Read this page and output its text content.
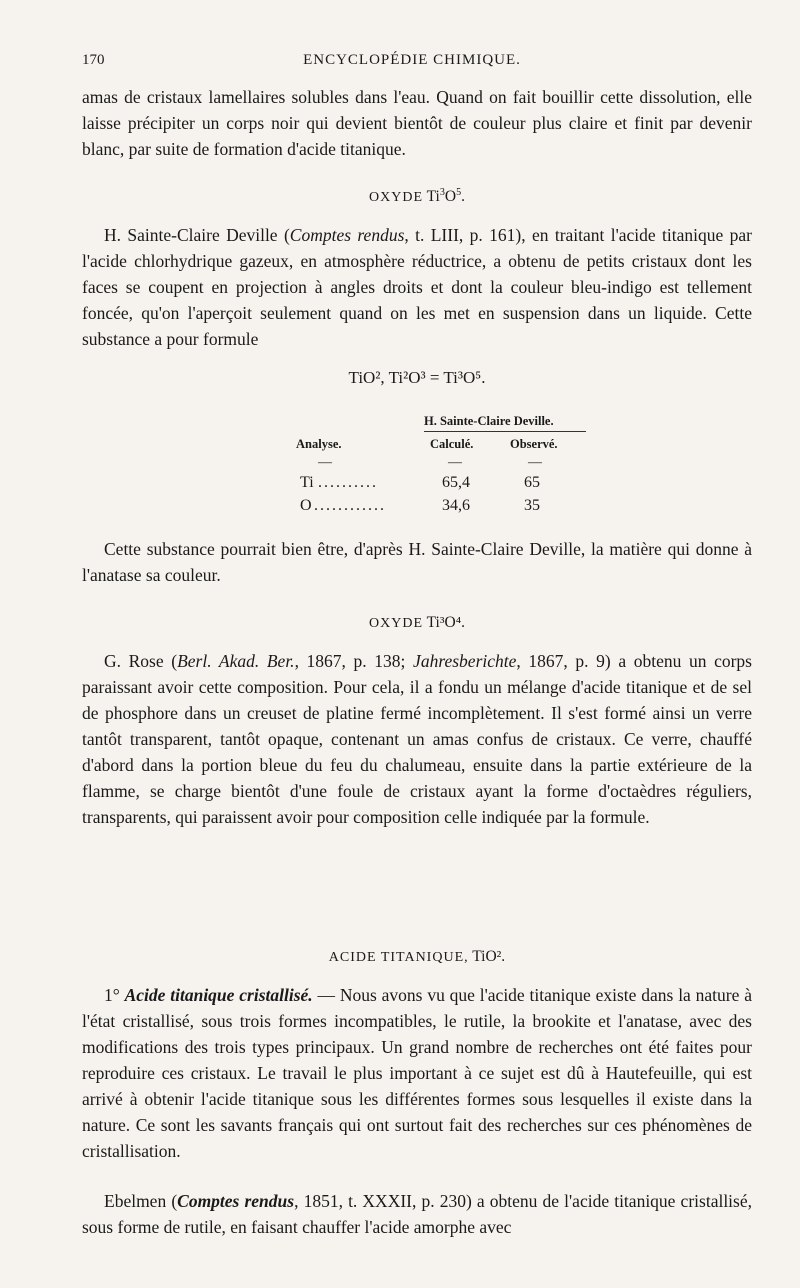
170	ENCYCLOPÉDIE CHIMIQUE.

amas de cristaux lamellaires solubles dans l'eau. Quand on fait bouillir cette dissolution, elle laisse précipiter un corps noir qui devient bientôt de couleur plus claire et finit par devenir blanc, par suite de formation d'acide titanique.

OXYDE $Ti^3O^5$.

H. Sainte-Claire Deville (Comptes rendus, t. LIII, p. 161), en traitant l'acide titanique par l'acide chlorhydrique gazeux, en atmosphère réductrice, a obtenu de petits cristaux dont les faces se coupent en projection à angles droits et dont la couleur bleu-indigo est tellement foncée, qu'on l'aperçoit seulement quand on les met en suspension dans un liquide. Cette substance a pour formule

TiO², Ti²O³ = Ti³O⁵.
H. Sainte-Claire Deville.
Analyse.	Calculé.	Observé.
—	—	—
Ti ..........	65,4	65
O ............	34,6	35

Cette substance pourrait bien être, d'après H. Sainte-Claire Deville, la matière qui donne à l'anatase sa couleur.

OXYDE Ti³O⁴.

G. Rose (Berl. Akad. Ber., 1867, p. 138; Jahresberichte, 1867, p. 9) a obtenu un corps paraissant avoir cette composition. Pour cela, il a fondu un mélange d'acide titanique et de sel de phosphore dans un creuset de platine fermé incomplètement. Il s'est formé ainsi un verre tantôt transparent, tantôt opaque, contenant un amas confus de cristaux. Ce verre, chauffé d'abord dans la portion bleue du feu du chalumeau, ensuite dans la partie extérieure de la flamme, se charge bientôt d'une foule de cristaux ayant la forme d'octaèdres réguliers, transparents, qui paraissent avoir pour composition celle indiquée par la formule.

ACIDE TITANIQUE, TiO².

1° Acide titanique cristallisé. — Nous avons vu que l'acide titanique existe dans la nature à l'état cristallisé, sous trois formes incompatibles, le rutile, la brookite et l'anatase, avec des modifications des trois types principaux. Un grand nombre de recherches ont été faites pour reproduire ces cristaux. Le travail le plus important à ce sujet est dû à Hautefeuille, qui est arrivé à obtenir l'acide titanique sous les différentes formes sous lesquelles il existe dans la nature. Ce sont les savants français qui ont surtout fait des recherches sur ces phénomènes de cristallisation.

Ebelmen (Comptes rendus, 1851, t. XXXII, p. 230) a obtenu de l'acide titanique cristallisé, sous forme de rutile, en faisant chauffer l'acide amorphe avec
